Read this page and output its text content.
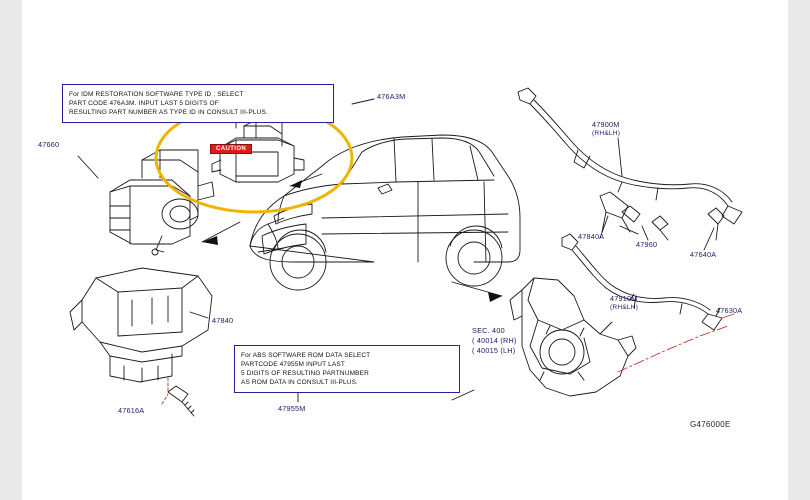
For IDM RESTORATION SOFTWARE TYPE ID ; SELECT

PART CODE 476A3M. INPUT LAST 5 DIGITS OF

RESULTING PART NUMBER AS TYPE ID IN CONSULT III-PLUS.

For ABS SOFTWARE ROM DATA SELECT

PARTCODE 47955M INPUT LAST

5 DIGITS OF RESULTING PARTNUMBER

AS ROM DATA IN CONSULT III-PLUS.

CAUTION
476A3M
47660
47840
47616A	47955M
47900M
(RH&LH)
47840A
47960
47640A
47910M
(RH&LH)	47630A
SEC. 400
( 40014 (RH)
( 40015 (LH)
G476000E
